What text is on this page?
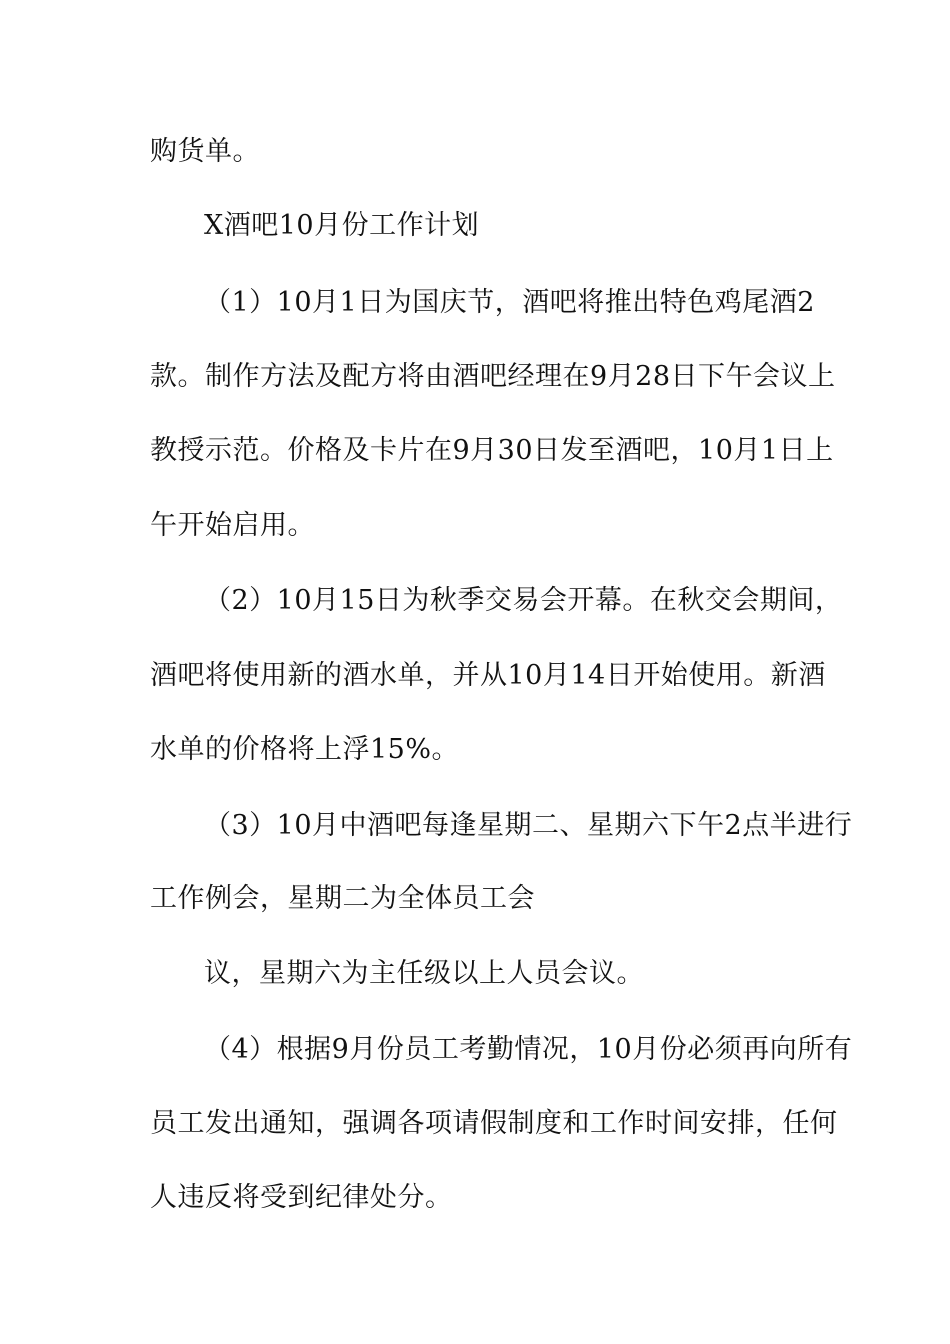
购货单。
X酒吧10月份工作计划
（1）10月1日为国庆节，酒吧将推出特色鸡尾酒2
款。制作方法及配方将由酒吧经理在9月28日下午会议上
教授示范。价格及卡片在9月30日发至酒吧，10月1日上
午开始启用。
（2）10月15日为秋季交易会开幕。在秋交会期间，
酒吧将使用新的酒水单，并从10月14日开始使用。新酒
水单的价格将上浮15%。
（3）10月中酒吧每逢星期二、星期六下午2点半进行
工作例会，星期二为全体员工会
议，星期六为主任级以上人员会议。
（4）根据9月份员工考勤情况，10月份必须再向所有
员工发出通知，强调各项请假制度和工作时间安排，任何
人违反将受到纪律处分。
